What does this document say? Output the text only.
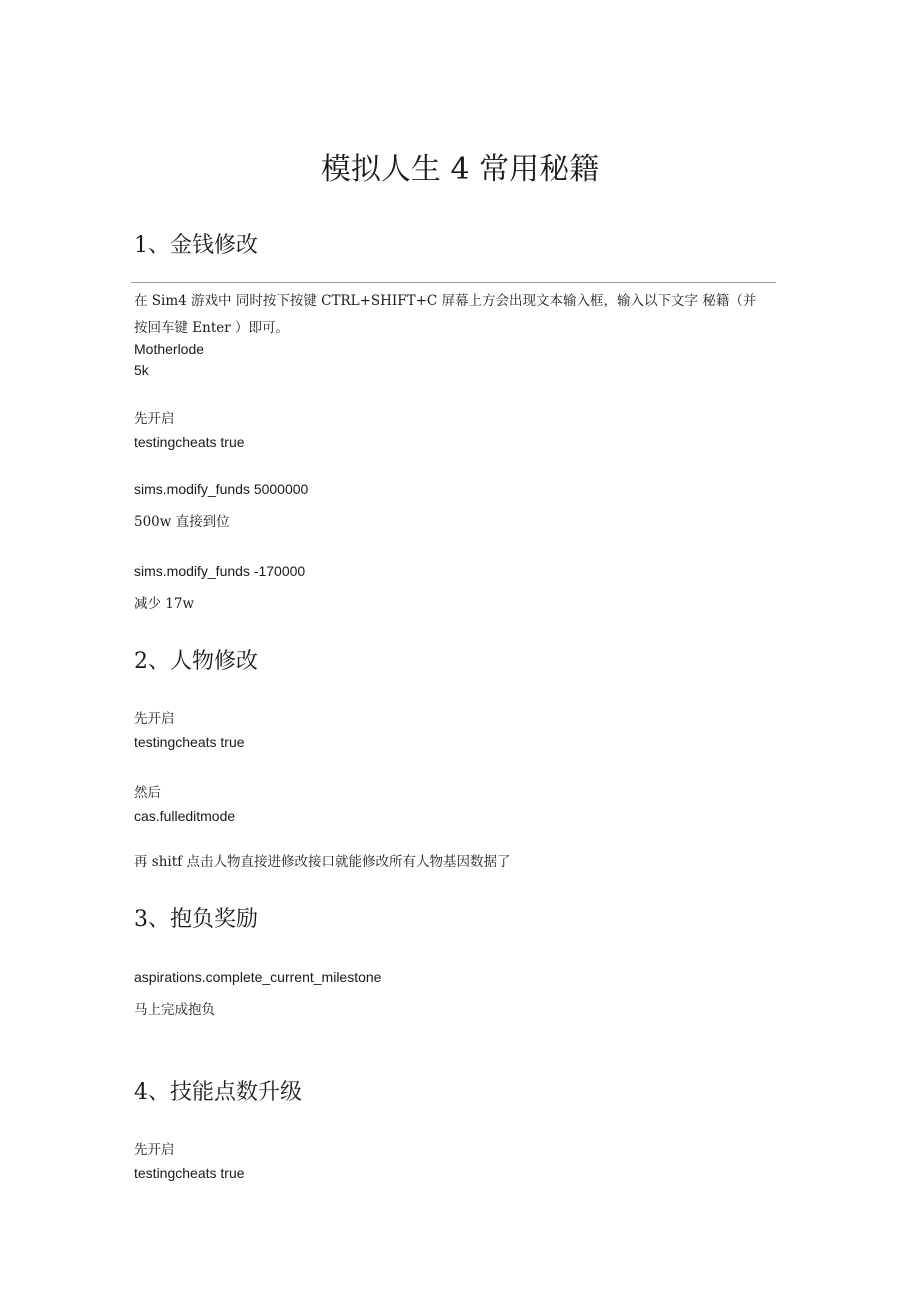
模拟人生 4 常用秘籍
1、金钱修改
在 Sim4 游戏中 同时按下按键 CTRL+SHIFT+C 屏幕上方会出现文本输入框，输入以下文字 秘籍（并
按回车键 Enter ）即可。

Motherlode

5k

先开启

testingcheats true

sims.modify_funds 5000000

500w 直接到位

sims.modify_funds -170000

减少 17w

2、人物修改

先开启

testingcheats true

然后

cas.fulleditmode

再 shitf 点击人物直接进修改接口就能修改所有人物基因数据了

3、抱负奖励

aspirations.complete_current_milestone

马上完成抱负

4、技能点数升级

先开启

testingcheats true
